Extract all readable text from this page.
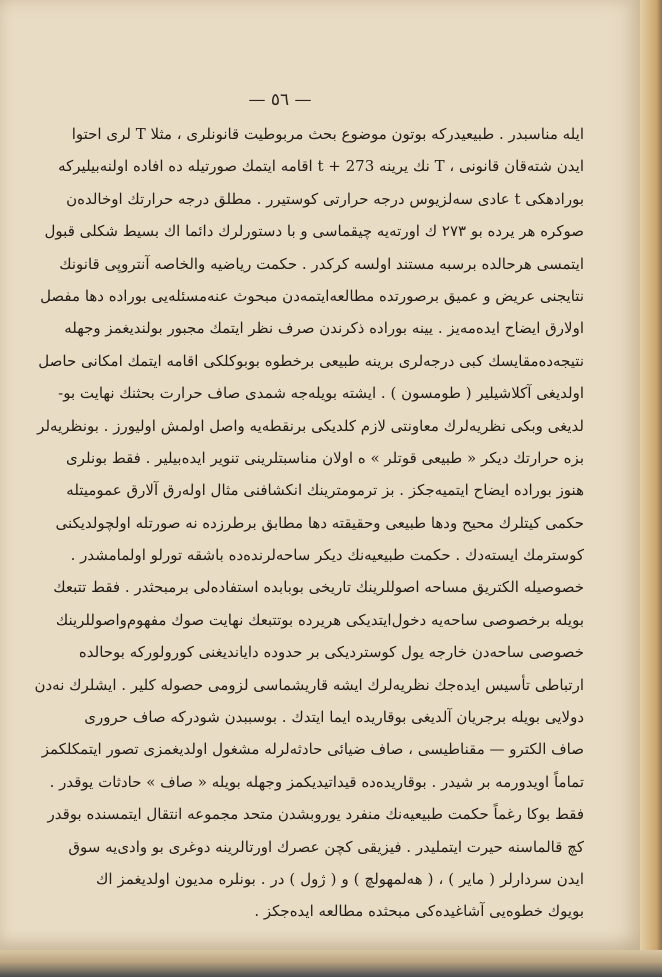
— ٥٦ —
ایله مناسبدر . طبیعیدرکه بوتون موضوع بحث مربوطیت قانونلری ، مثلا T لری احتوا
ایدن شته‌قان قانونی ، T نك یرینه 273 + t اقامه ایتمك صورتیله ده افاده اولنه‌بیلیرکه
بورادهکی t عادی سه‌لزیوس درجه حرارتی کوستیرر . مطلق درجه حرارتك اوخالده‌ن
صوکره هر یرده بو ۲۷۳ ك اورته‌یه چیقماسی و با دستورلرك دائما اك بسیط شکلی قبول
ایتمسی هرحالده برسبه مستند اولسه کرکدر . حکمت ریاضیه والخاصه آنتروپی قانونك
نتایجنی عریض و عمیق برصورتده مطالعه‌ایتمه‌دن مبحوث عنه‌مسئله‌یی بوراده دها مفصل
اولارق ایضاح ایده‌مه‌یز . یینه بوراده ذکرندن صرف نظر ایتمك مجبور بولندیغمز وجهله
نتیجه‌ده‌مقایسك کبی درجه‌لری برینه طبیعی برخطوه بوبوکلکی اقامه ایتمك امکانی حاصل
اولدیغی آکلاشیلیر ( طومسون ) . ایشته بویله‌جه شمدی صاف حرارت بحثنك نهایت بو-
لدیغی وبکی نظریه‌لرك معاونتی لازم کلدیکی برنقطه‌یه واصل اولمش اولیورز . بونظریه‌لر
بزه حرارتك دیکر « طبیعی قوتلر » ه اولان مناسبتلرینی تنویر ایده‌بیلیر . فقط بونلری
هنوز بوراده ایضاح ایتمیه‌جکز . بز ترمومترینك انکشافنی مثال اوله‌رق آلارق عمومیتله
حکمی کیتلرك محیح ودها طبیعی وحقیقته دها مطابق برطرزده نه صورتله اولچولدیکنی
کوسترمك ایسته‌دك . حکمت طبیعیه‌نك دیکر ساحه‌لرنده‌ده باشقه تورلو اولمامشدر .
خصوصیله الکتریق مساحه اصوللرینك تاریخی بوبابده استفاده‌لی برمبحثدر . فقط تتبعك
بویله برخصوصی ساحه‌یه دخول‌ایتدیکی هریرده بوتتبعك نهایت صوك مفهوم‌واصوللرینك
خصوصی ساحه‌دن خارجه یول کوستردیکی بر حدوده دایاندیغنی کورولورکه بوحالده
ارتباطی تأسیس ایده‌جك نظریه‌لرك ایشه قاریشماسی لزومی حصوله کلیر . ایشلرك نه‌دن
دولایی بویله برجریان آلدیغی بوقاریده ایما ایتدك . بوسببدن شودرکه صاف حروری
صاف الکترو — مقناطیسی ، صاف ضیائی حادثه‌لرله مشغول اولدیغمزی تصور ایتمکلکمز
تماماً اویدورمه بر شیدر . بوقاریده‌ده قیداتیدیکمز وجهله بویله « صاف » حادثات یوقدر .
فقط بوکا رغماً حکمت طبیعیه‌نك منفرد یوروبشدن متحد مجموعه انتقال ایتمسنده بوقدر
کچ قالماسنه حیرت ایتملیدر . فیزیقی کچن عصرك اورتالرینه دوغری بو وادی‌یه سوق
ایدن سردارلر ( مایر ) ، ( هه‌لمهولچ ) و ( ژول ) در . بونلره مدیون اولدیغمز اك
بویوك خطوه‌یی آشاغیده‌کی مبحثده مطالعه ایده‌جکز .
